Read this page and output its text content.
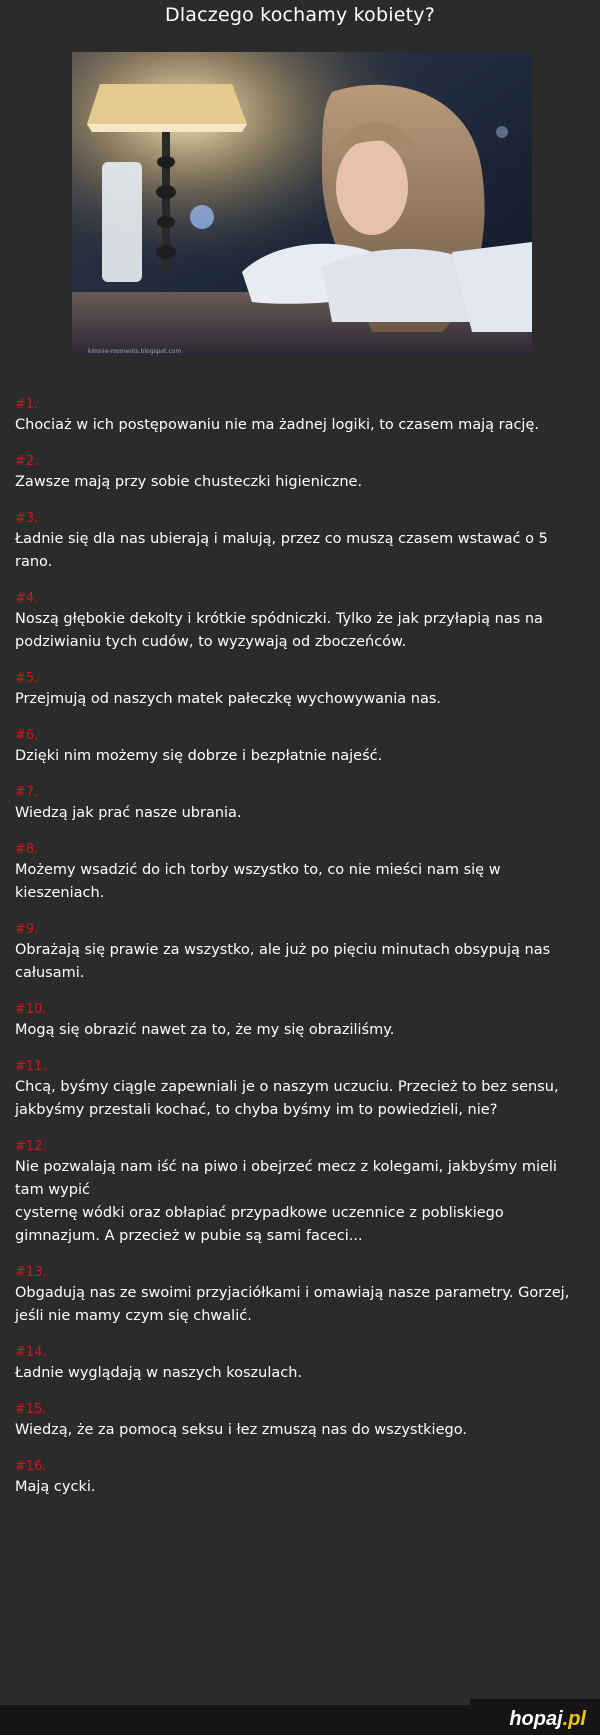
Dlaczego kochamy kobiety?
kimnie-moments.blogspot.com
#1.
Chociaż w ich postępowaniu nie ma żadnej logiki, to czasem mają rację.
#2.
Zawsze mają przy sobie chusteczki higieniczne.
#3.
Ładnie się dla nas ubierają i malują, przez co muszą czasem wstawać o 5 rano.
#4.
Noszą głębokie dekolty i krótkie spódniczki. Tylko że jak przyłapią nas na podziwianiu tych cudów, to wyzywają od zboczeńców.
#5.
Przejmują od naszych matek pałeczkę wychowywania nas.
#6.
Dzięki nim możemy się dobrze i bezpłatnie najeść.
#7.
Wiedzą jak prać nasze ubrania.
#8.
Możemy wsadzić do ich torby wszystko to, co nie mieści nam się w kieszeniach.
#9.
Obrażają się prawie za wszystko, ale już po pięciu minutach obsypują nas całusami.
#10.
Mogą się obrazić nawet za to, że my się obraziliśmy.
#11.
Chcą, byśmy ciągle zapewniali je o naszym uczuciu. Przecież to bez sensu, jakbyśmy przestali kochać, to chyba byśmy im to powiedzieli, nie?
#12.
Nie pozwalają nam iść na piwo i obejrzeć mecz z kolegami, jakbyśmy mieli tam wypić
cysternę wódki oraz obłapiać przypadkowe uczennice z pobliskiego gimnazjum. A przecież w pubie są sami faceci...
#13.
Obgadują nas ze swoimi przyjaciółkami i omawiają nasze parametry. Gorzej, jeśli nie mamy czym się chwalić.
#14.
Ładnie wyglądają w naszych koszulach.
#15.
Wiedzą, że za pomocą seksu i łez zmuszą nas do wszystkiego.
#16.
Mają cycki.
hopaj.pl
